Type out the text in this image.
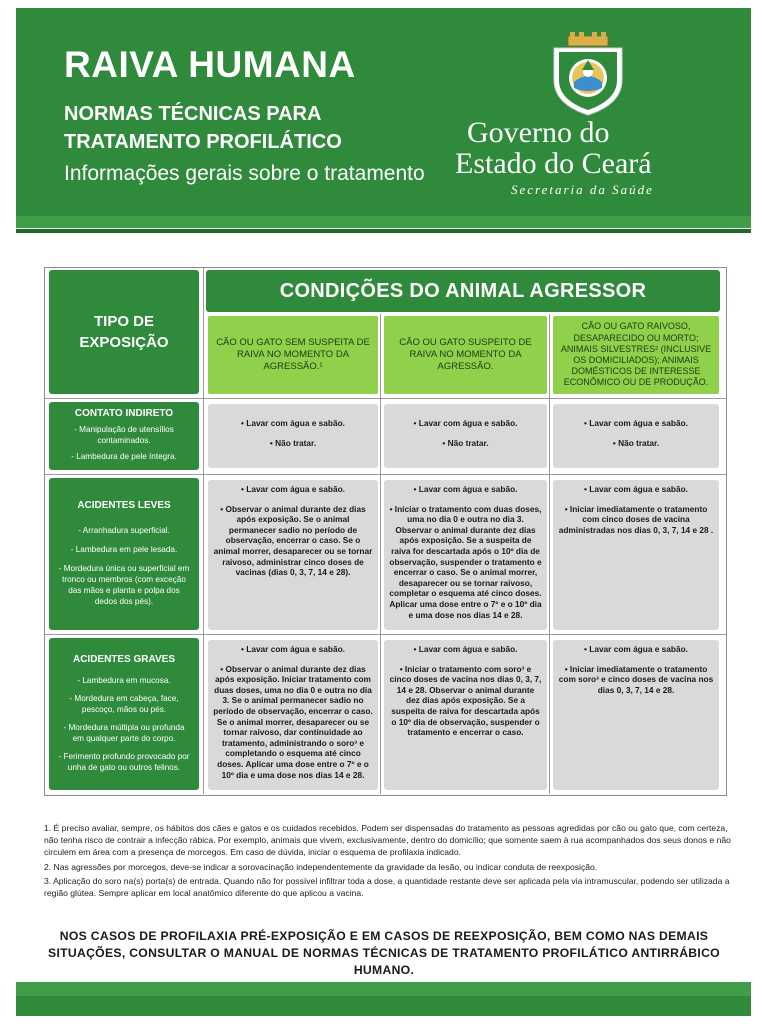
RAIVA HUMANA
NORMAS TÉCNICAS PARA
TRATAMENTO PROFILÁTICO
Informações gerais sobre o tratamento
Governo do
Estado do Ceará
Secretaria da Saúde
CONDIÇÕES DO ANIMAL AGRESSOR
TIPO DE EXPOSIÇÃO	CÃO OU GATO SEM SUSPEITA DE RAIVA NO MOMENTO DA AGRESSÃO.¹
CÃO OU GATO SUSPEITO DE RAIVA NO MOMENTO DA AGRESSÃO.
CÃO OU GATO RAIVOSO, DESAPARECIDO OU MORTO; ANIMAIS SILVESTRES² (INCLUSIVE OS DOMICILIADOS); ANIMAIS DOMÉSTICOS DE INTERESSE ECONÔMICO OU DE PRODUÇÃO.
CONTATO INDIRETO
- Manipulação de utensílios contaminados.
- Lambedura de pele íntegra.

• Lavar com água e sabão.

• Não tratar.

• Lavar com água e sabão.

• Não tratar.

• Lavar com água e sabão.

• Não tratar.

ACIDENTES LEVES
- Arranhadura superficial.
- Lambedura em pele lesada.
- Mordedura única ou superficial em tronco ou membros (com exceção das mãos e planta e polpa dos dedos dos pés).

• Lavar com água e sabão.

• Observar o animal durante dez dias após exposição. Se o animal permanecer sadio no período de observação, encerrar o caso. Se o animal morrer, desaparecer ou se tornar raivoso, administrar cinco doses de vacinas (dias 0, 3, 7, 14 e 28).

• Lavar com água e sabão.

• Iniciar o tratamento com duas doses, uma no dia 0 e outra no dia 3. Observar o animal durante dez dias após exposição. Se a suspeita de raiva for descartada após o 10º dia de observação, suspender o tratamento e encerrar o caso. Se o animal morrer, desaparecer ou se tornar raivoso, completar o esquema até cinco doses. Aplicar uma dose entre o 7º e o 10º dia e uma dose nos dias 14 e 28.

• Lavar com água e sabão.

• Iniciar imediatamente o tratamento com cinco doses de vacina administradas nos dias 0, 3, 7, 14 e 28 .

ACIDENTES GRAVES
- Lambedura em mucosa.
- Mordedura em cabeça, face, pescoço, mãos ou pés.
- Mordedura múltipla ou profunda em qualquer parte do corpo.
- Ferimento profundo provocado por unha de gato ou outros felinos.

• Lavar com água e sabão.

• Observar o animal durante dez dias após exposição. Iniciar tratamento com duas doses, uma no dia 0 e outra no dia 3. Se o animal permanecer sadio no período de observação, encerrar o caso. Se o animal morrer, desaparecer ou se tornar raivoso, dar continuidade ao tratamento, administrando o soro³ e completando o esquema até cinco doses. Aplicar uma dose entre o 7º e o 10º dia e uma dose nos dias 14 e 28.

• Lavar com água e sabão.

• Iniciar o tratamento com soro³ e cinco doses de vacina nos dias 0, 3, 7, 14 e 28. Observar o animal durante dez dias após exposição. Se a suspeita de raiva for descartada após o 10º dia de observação, suspender o tratamento e encerrar o caso.

• Lavar com água e sabão.

• Iniciar imediatamente o tratamento com soro³ e cinco doses de vacina nos dias 0, 3, 7, 14 e 28.

1. É preciso avaliar, sempre, os hábitos dos cães e gatos e os cuidados recebidos. Podem ser dispensadas do tratamento as pessoas agredidas por cão ou gato que, com certeza, não tenha risco de contrair a infecção rábica. Por exemplo, animais que vivem, exclusivamente, dentro do domicílio; que somente saem à rua acompanhados dos seus donos e não circulem em área com a presença de morcegos. Em caso de dúvida, iniciar o esquema de profilaxia indicado.

2. Nas agressões por morcegos, deve-se indicar a sorovacinação independentemente da gravidade da lesão, ou indicar conduta de reexposição.

3. Aplicação do soro na(s) porta(s) de entrada. Quando não for possível infiltrar toda a dose, a quantidade restante deve ser aplicada pela via intramuscular, podendo ser utilizada a região glútea. Sempre aplicar em local anatômico diferente do que aplicou a vacina.

NOS CASOS DE PROFILAXIA PRÉ-EXPOSIÇÃO E EM CASOS DE REEXPOSIÇÃO, BEM COMO NAS DEMAIS SITUAÇÕES, CONSULTAR O MANUAL DE NORMAS TÉCNICAS DE TRATAMENTO PROFILÁTICO ANTIRRÁBICO HUMANO.
